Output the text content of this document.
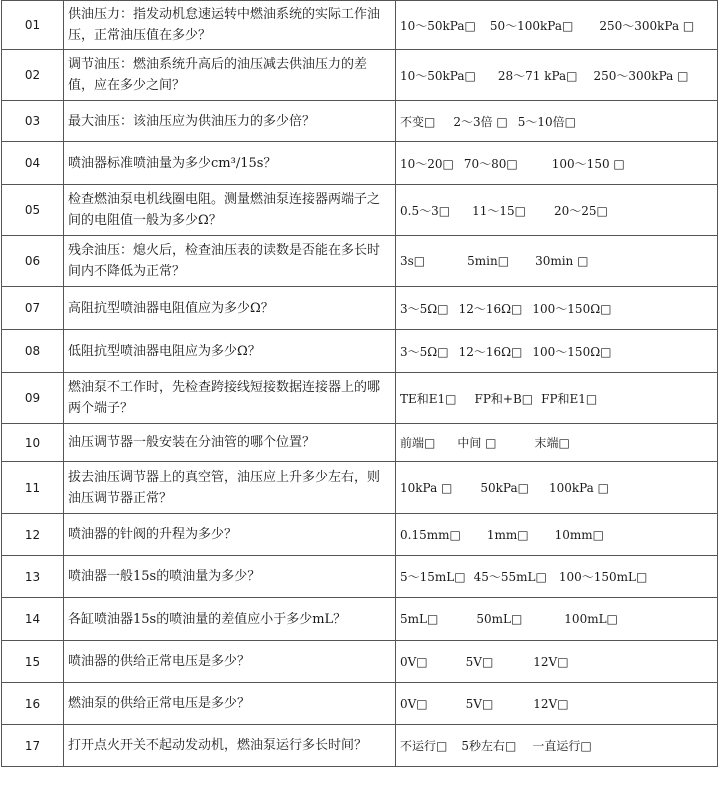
01	供油压力：指发动机怠速运转中燃油系统的实际工作油压，正常油压值在多少？	10～50kPa□ 50～100kPa□ 250～300kPa □
02	调节油压：燃油系统升高后的油压减去供油压力的差值，应在多少之间？	10～50kPa□ 28～71 kPa□ 250～300kPa □
03	最大油压：该油压应为供油压力的多少倍？	不变□ 2～3倍 □ 5～10倍□
04	喷油器标准喷油量为多少cm³/15s？	10～20□ 70～80□ 100～150 □
05	检查燃油泵电机线圈电阻。测量燃油泵连接器两端子之间的电阻值一般为多少Ω？	0.5～3□ 11～15□ 20～25□
06	残余油压：熄火后，检查油压表的读数是否能在多长时间内不降低为正常？	3s□ 5min□ 30min □
07	高阻抗型喷油器电阻值应为多少Ω？	3～5Ω□ 12～16Ω□ 100～150Ω□
08	低阻抗型喷油器电阻应为多少Ω？	3～5Ω□ 12～16Ω□ 100～150Ω□
09	燃油泵不工作时，先检查跨接线短接数据连接器上的哪两个端子？	TE和E1□ FP和+B□ FP和E1□
10	油压调节器一般安装在分油管的哪个位置？	前端□ 中间 □ 末端□
11	拔去油压调节器上的真空管，油压应上升多少左右，则油压调节器正常？	10kPa □ 50kPa□ 100kPa □
12	喷油器的针阀的升程为多少？	0.15mm□ 1mm□ 10mm□
13	喷油器一般15s的喷油量为多少？	5～15mL□ 45～55mL□ 100～150mL□
14	各缸喷油器15s的喷油量的差值应小于多少mL？	5mL□ 50mL□ 100mL□
15	喷油器的供给正常电压是多少？	0V□ 5V□ 12V□
16	燃油泵的供给正常电压是多少？	0V□ 5V□ 12V□
17	打开点火开关不起动发动机，燃油泵运行多长时间？	不运行□ 5秒左右□ 一直运行□
